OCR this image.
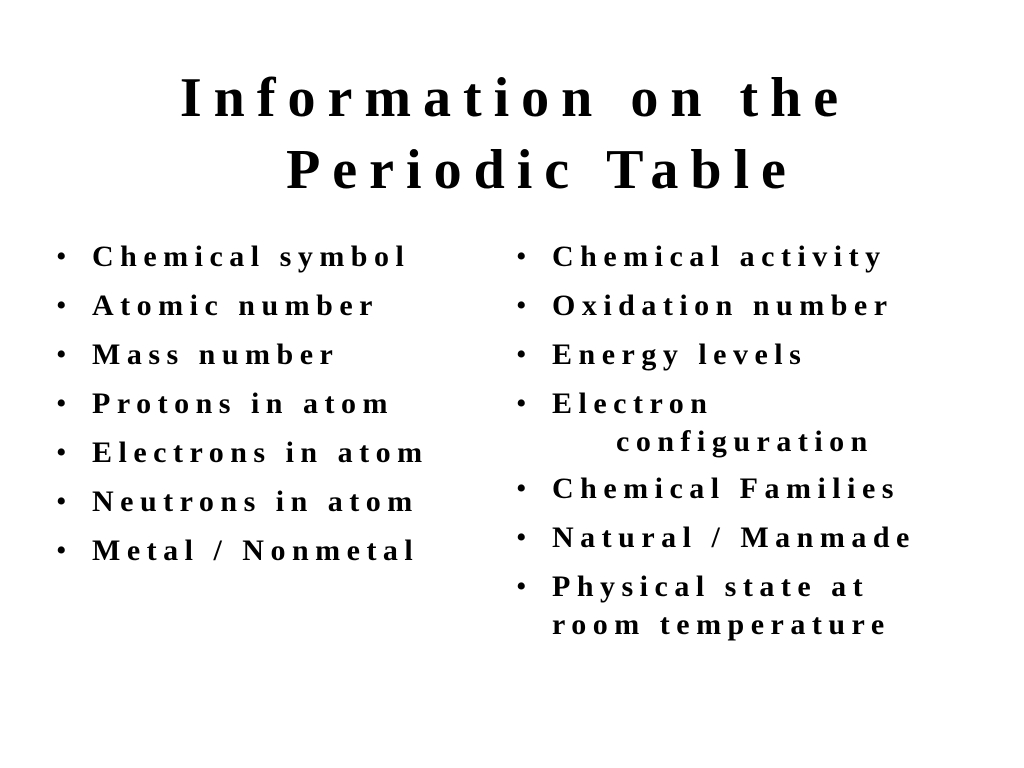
Information on the
Periodic Table
• Chemical symbol
• Atomic number
• Mass number
• Protons in atom
• Electrons in atom
• Neutrons in atom
• Metal / Nonmetal
• Chemical activity
• Oxidation number
• Energy levels
• Electron
configuration
• Chemical Families
• Natural / Manmade
• Physical state at
room temperature
